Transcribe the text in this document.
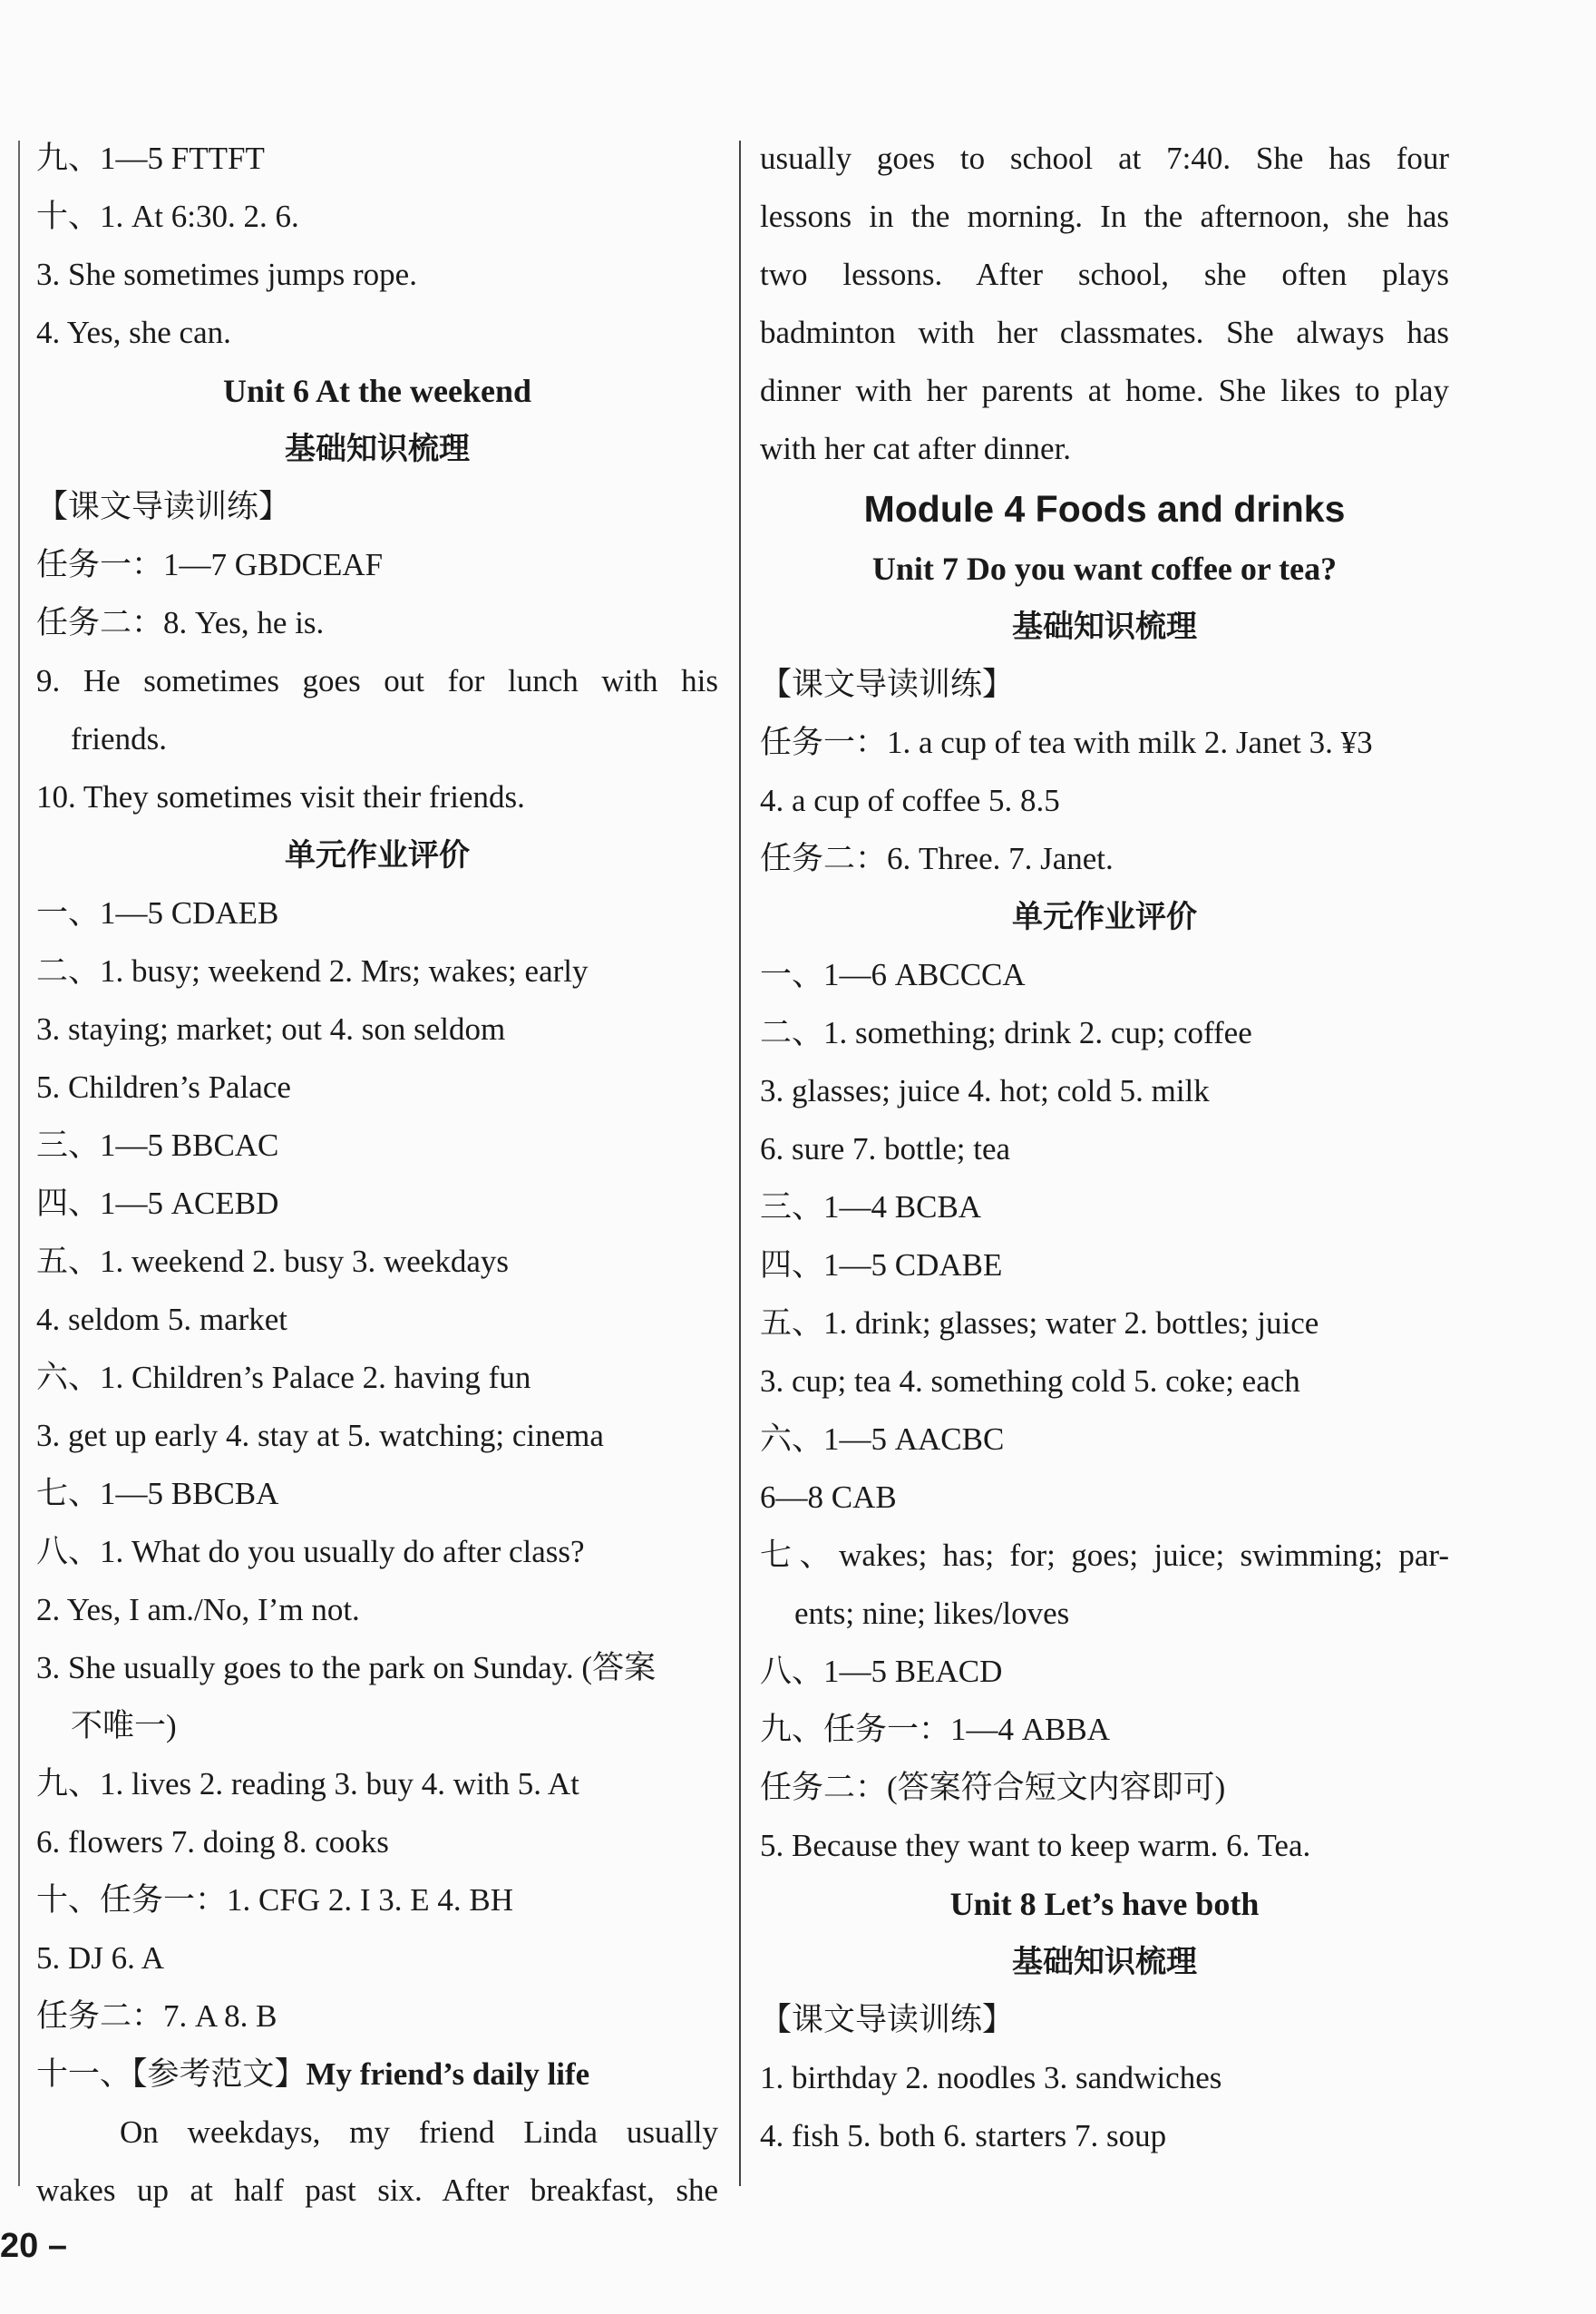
九、1—5 FTTFT
十、1. At 6:30. 2. 6.
3. She sometimes jumps rope.
4. Yes, she can.
Unit 6 At the weekend
基础知识梳理
【课文导读训练】
任务一：1—7 GBDCEAF
任务二：8. Yes, he is.
9. He sometimes goes out for lunch with his
friends.
10. They sometimes visit their friends.
单元作业评价
一、1—5 CDAEB
二、1. busy; weekend 2. Mrs; wakes; early
3. staying; market; out 4. son seldom
5. Children’s Palace
三、1—5 BBCAC
四、1—5 ACEBD
五、1. weekend 2. busy 3. weekdays
4. seldom 5. market
六、1. Children’s Palace 2. having fun
3. get up early 4. stay at 5. watching; cinema
七、1—5 BBCBA
八、1. What do you usually do after class?
2. Yes, I am./No, I’m not.
3. She usually goes to the park on Sunday. (答案
不唯一)
九、1. lives 2. reading 3. buy 4. with 5. At
6. flowers 7. doing 8. cooks
十、任务一：1. CFG 2. I 3. E 4. BH
5. DJ 6. A
任务二：7. A 8. B
十一、【参考范文】My friend’s daily life
On weekdays, my friend Linda usually
wakes up at half past six. After breakfast, she
usually goes to school at 7:40. She has four
lessons in the morning. In the afternoon, she has
two lessons. After school, she often plays
badminton with her classmates. She always has
dinner with her parents at home. She likes to play
with her cat after dinner.
Module 4 Foods and drinks
Unit 7 Do you want coffee or tea?
基础知识梳理
【课文导读训练】
任务一：1. a cup of tea with milk 2. Janet 3. ¥3
4. a cup of coffee 5. 8.5
任务二：6. Three. 7. Janet.
单元作业评价
一、1—6 ABCCCA
二、1. something; drink 2. cup; coffee
3. glasses; juice 4. hot; cold 5. milk
6. sure 7. bottle; tea
三、1—4 BCBA
四、1—5 CDABE
五、1. drink; glasses; water 2. bottles; juice
3. cup; tea 4. something cold 5. coke; each
六、1—5 AACBC
6—8 CAB
七、wakes; has; for; goes; juice; swimming; par-
ents; nine; likes/loves
八、1—5 BEACD
九、任务一：1—4 ABBA
任务二：(答案符合短文内容即可)
5. Because they want to keep warm. 6. Tea.
Unit 8 Let’s have both
基础知识梳理
【课文导读训练】
1. birthday 2. noodles 3. sandwiches
4. fish 5. both 6. starters 7. soup
20 –
